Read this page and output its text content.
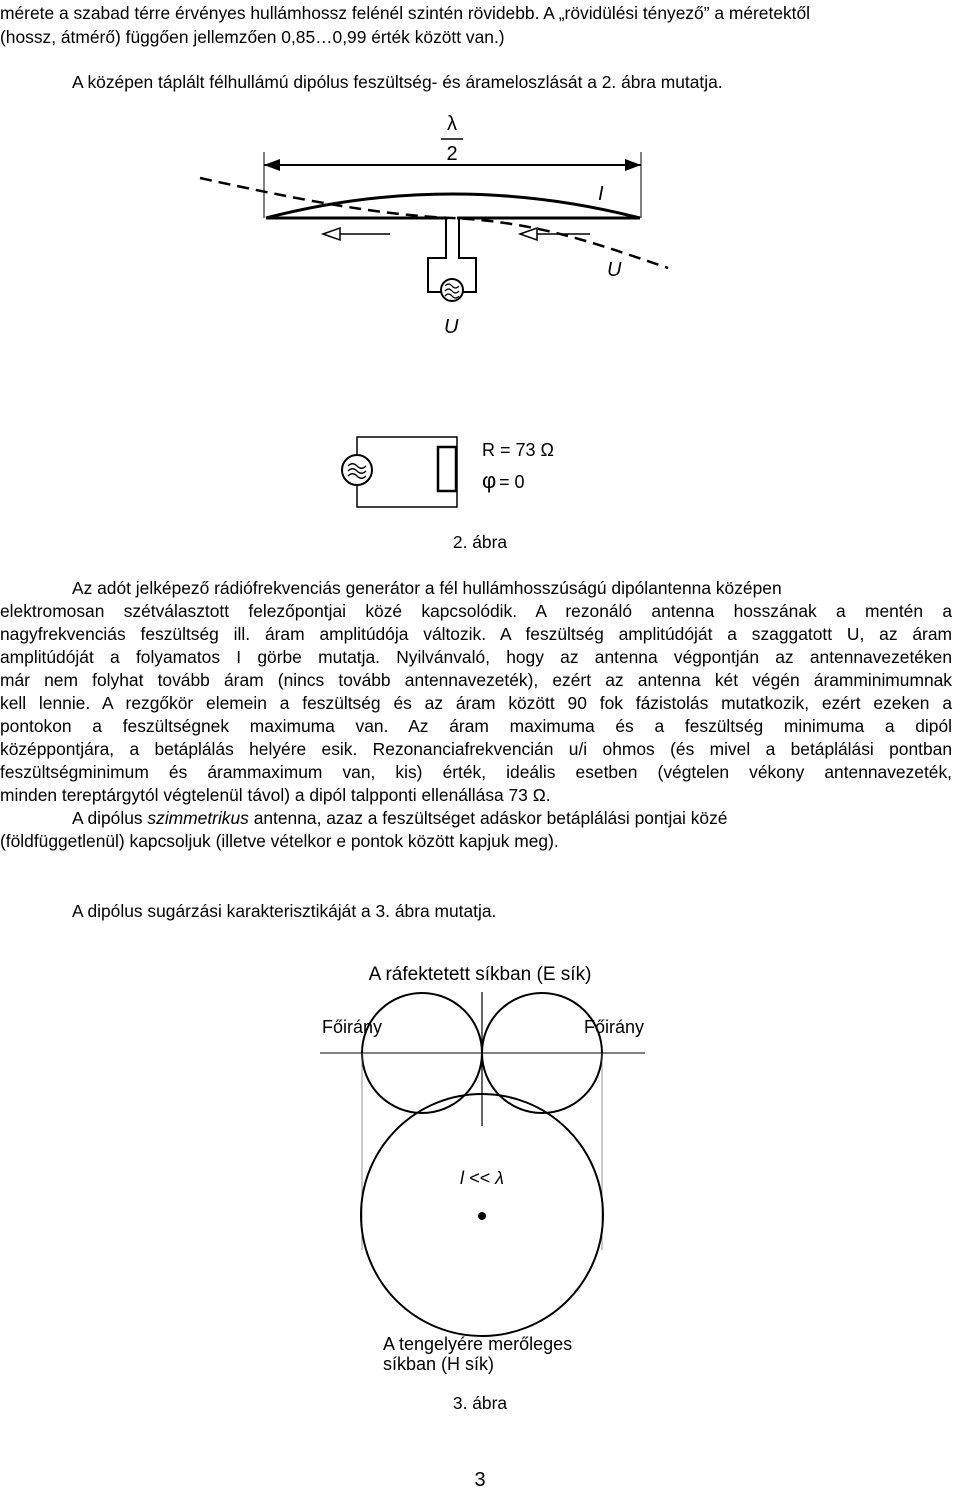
mérete a szabad térre érvényes hullámhossz felénél szintén rövidebb. A „rövidülési tényező” a méretektől
(hossz, átmérő) függően jellemzően 0,85…0,99 érték között van.)
A középen táplált félhullámú dipólus feszültség- és árameloszlását a 2. ábra mutatja.
λ
2
I
U
U
R = 73 Ω
φ = 0
2. ábra
Az adót jelképező rádiófrekvenciás generátor a fél hullámhosszúságú dipólantenna középen
elektromosan szétválasztott felezőpontjai közé kapcsolódik. A rezonáló antenna hosszának a mentén a
nagyfrekvenciás feszültség ill. áram amplitúdója változik. A feszültség amplitúdóját a szaggatott U, az áram
amplitúdóját a folyamatos I görbe mutatja. Nyilvánvaló, hogy az antenna végpontján az antennavezetéken
már nem folyhat tovább áram (nincs tovább antennavezeték), ezért az antenna két végén áramminimumnak
kell lennie. A rezgőkör elemein a feszültség és az áram között 90 fok fázistolás mutatkozik, ezért ezeken a
pontokon a feszültségnek maximuma van. Az áram maximuma és a feszültség minimuma a dipól
középpontjára, a betáplálás helyére esik. Rezonanciafrekvencián u/i ohmos (és mivel a betáplálási pontban
feszültségminimum és árammaximum van, kis) érték, ideális esetben (végtelen vékony antennavezeték,
minden tereptárgytól végtelenül távol) a dipól talpponti ellenállása 73 Ω.
A dipólus szimmetrikus antenna, azaz a feszültséget adáskor betáplálási pontjai közé
(földfüggetlenül) kapcsoljuk (illetve vételkor e pontok között kapjuk meg).
A dipólus sugárzási karakterisztikáját a 3. ábra mutatja.
A ráfektetett síkban (E sík)
Főirány	Főirány
l << λ
A tengelyére merőleges
síkban (H sík)
3. ábra
3
